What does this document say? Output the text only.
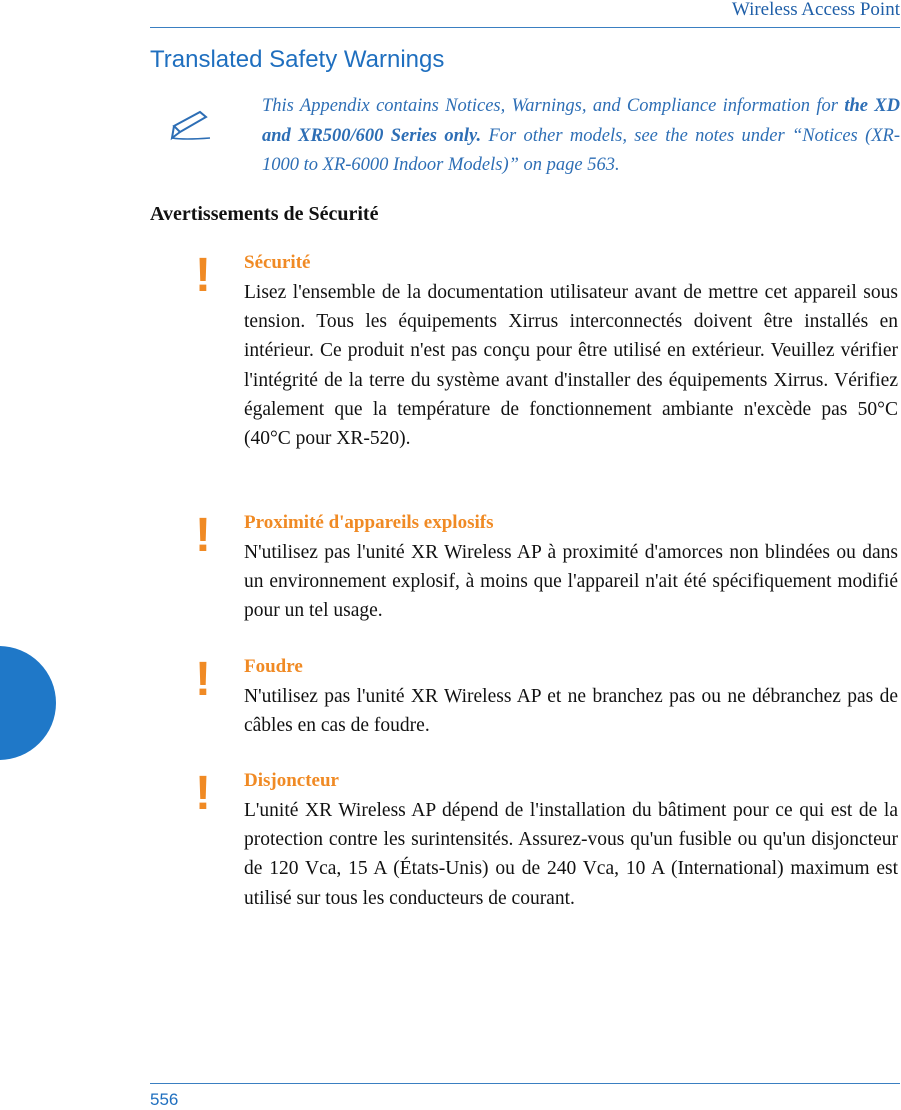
Wireless Access Point
Translated Safety Warnings

This Appendix contains Notices, Warnings, and Compliance information for the XD and XR500/600 Series only. For other models, see the notes under “Notices (XR-1000 to XR-6000 Indoor Models)” on page 563.

Avertissements de Sécurité
! Sécurité

Lisez l'ensemble de la documentation utilisateur avant de mettre cet appareil sous tension. Tous les équipements Xirrus interconnectés doivent être installés en intérieur. Ce produit n'est pas conçu pour être utilisé en extérieur. Veuillez vérifier l'intégrité de la terre du système avant d'installer des équipements Xirrus. Vérifiez également que la température de fonctionnement ambiante n'excède pas 50°C (40°C pour XR-520).

! Proximité d'appareils explosifs

N'utilisez pas l'unité XR Wireless AP à proximité d'amorces non blindées ou dans un environnement explosif, à moins que l'appareil n'ait été spécifiquement modifié pour un tel usage.

! Foudre

N'utilisez pas l'unité XR Wireless AP et ne branchez pas ou ne débranchez pas de câbles en cas de foudre.

! Disjoncteur

L'unité XR Wireless AP dépend de l'installation du bâtiment pour ce qui est de la protection contre les surintensités. Assurez-vous qu'un fusible ou qu'un disjoncteur de 120 Vca, 15 A (États-Unis) ou de 240 Vca, 10 A (International) maximum est utilisé sur tous les conducteurs de courant.

556
